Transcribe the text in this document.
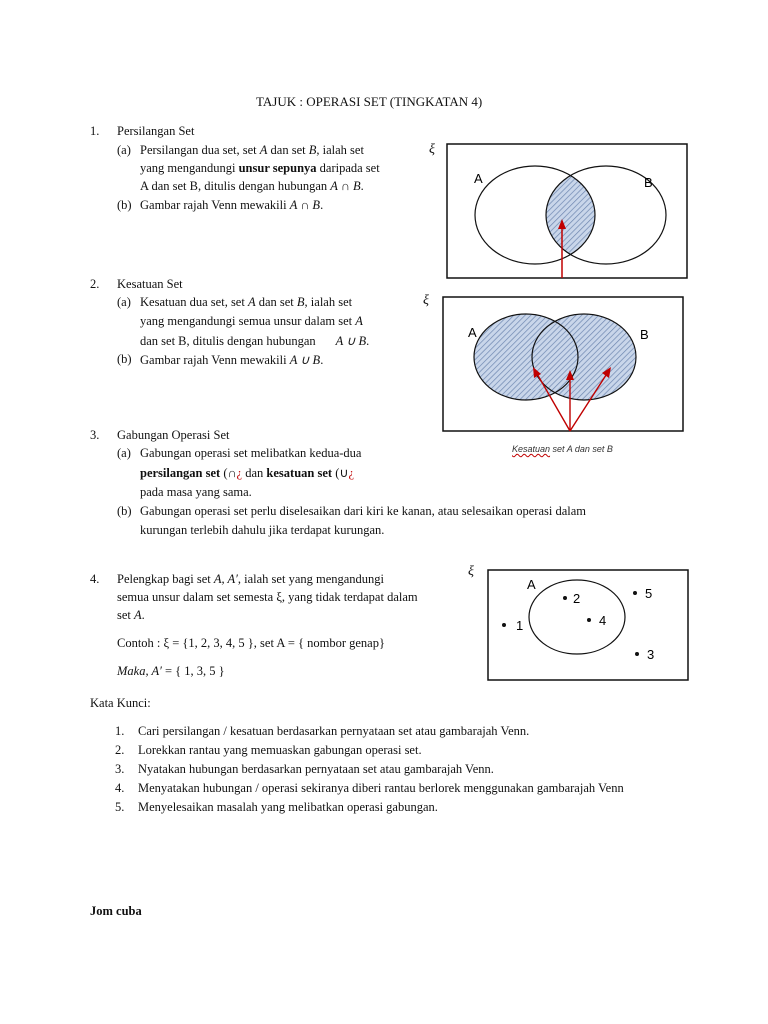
TAJUK : OPERASI SET (TINGKATAN 4)
1. Persilangan Set
(a) Persilangan dua set, set A dan set B, ialah set
yang mengandungi unsur sepunya daripada set
A dan set B, ditulis dengan hubungan A ∩ B.
(b) Gambar rajah Venn mewakili A ∩ B.
ξ
A	B
2. Kesatuan Set
(a) Kesatuan dua set, set A dan set B, ialah set
yang mengandungi semua unsur dalam set A
dan set B, ditulis dengan hubungan A ∪ B.
(b) Gambar rajah Venn mewakili A ∪ B.
ξ
A	B
Kesatuan set A dan set B
3. Gabungan Operasi Set
(a) Gabungan operasi set melibatkan kedua-dua
persilangan set (∩¿ dan kesatuan set (∪¿
pada masa yang sama.
(b) Gabungan operasi set perlu diselesaikan dari kiri ke kanan, atau selesaikan operasi dalam
kurungan terlebih dahulu jika terdapat kurungan.
4. Pelengkap bagi set A, A′, ialah set yang mengandungi
semua unsur dalam set semesta ξ, yang tidak terdapat dalam
set A.
Contoh : ξ = {1, 2, 3, 4, 5 }, set A = { nombor genap}
Maka, A′ = { 1, 3, 5 }
ξ
A
2
4
1
5
3
Kata Kunci:
1. Cari persilangan / kesatuan berdasarkan pernyataan set atau gambarajah Venn.
2. Lorekkan rantau yang memuaskan gabungan operasi set.
3. Nyatakan hubungan berdasarkan pernyataan set atau gambarajah Venn.
4. Menyatakan hubungan / operasi sekiranya diberi rantau berlorek menggunakan gambarajah Venn
5. Menyelesaikan masalah yang melibatkan operasi gabungan.
Jom cuba
